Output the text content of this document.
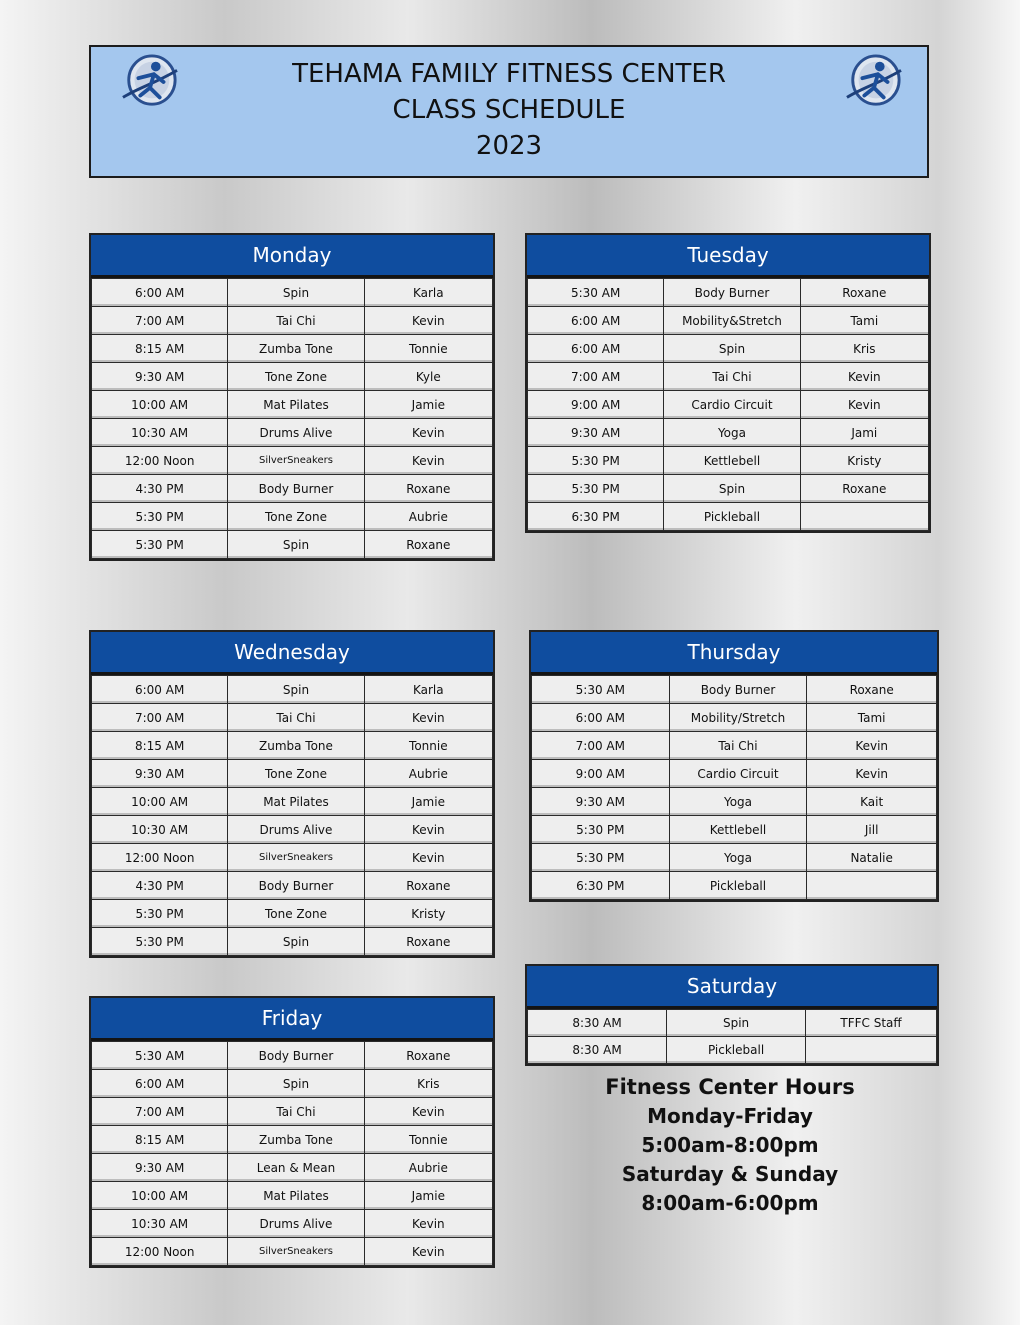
TEHAMA FAMILY FITNESS CENTER
CLASS SCHEDULE
2023
Monday
6:00 AM	Spin	Karla
7:00 AM	Tai Chi	Kevin
8:15 AM	Zumba Tone	Tonnie
9:30 AM	Tone Zone	Kyle
10:00 AM	Mat Pilates	Jamie
10:30 AM	Drums Alive	Kevin
12:00 Noon	SilverSneakers	Kevin
4:30 PM	Body Burner	Roxane
5:30 PM	Tone Zone	Aubrie
5:30 PM	Spin	Roxane
Tuesday
5:30 AM	Body Burner	Roxane
6:00 AM	Mobility&Stretch	Tami
6:00 AM	Spin	Kris
7:00 AM	Tai Chi	Kevin
9:00 AM	Cardio Circuit	Kevin
9:30 AM	Yoga	Jami
5:30 PM	Kettlebell	Kristy
5:30 PM	Spin	Roxane
6:30 PM	Pickleball	
Wednesday
6:00 AM	Spin	Karla
7:00 AM	Tai Chi	Kevin
8:15 AM	Zumba Tone	Tonnie
9:30 AM	Tone Zone	Aubrie
10:00 AM	Mat Pilates	Jamie
10:30 AM	Drums Alive	Kevin
12:00 Noon	SilverSneakers	Kevin
4:30 PM	Body Burner	Roxane
5:30 PM	Tone Zone	Kristy
5:30 PM	Spin	Roxane
Thursday
5:30 AM	Body Burner	Roxane
6:00 AM	Mobility/Stretch	Tami
7:00 AM	Tai Chi	Kevin
9:00 AM	Cardio Circuit	Kevin
9:30 AM	Yoga	Kait
5:30 PM	Kettlebell	Jill
5:30 PM	Yoga	Natalie
6:30 PM	Pickleball	
Friday
5:30 AM	Body Burner	Roxane
6:00 AM	Spin	Kris
7:00 AM	Tai Chi	Kevin
8:15 AM	Zumba Tone	Tonnie
9:30 AM	Lean & Mean	Aubrie
10:00 AM	Mat Pilates	Jamie
10:30 AM	Drums Alive	Kevin
12:00 Noon	SilverSneakers	Kevin
Saturday
8:30 AM	Spin	TFFC Staff
8:30 AM	Pickleball	
Fitness Center Hours
Monday-Friday
5:00am-8:00pm
Saturday & Sunday
8:00am-6:00pm
